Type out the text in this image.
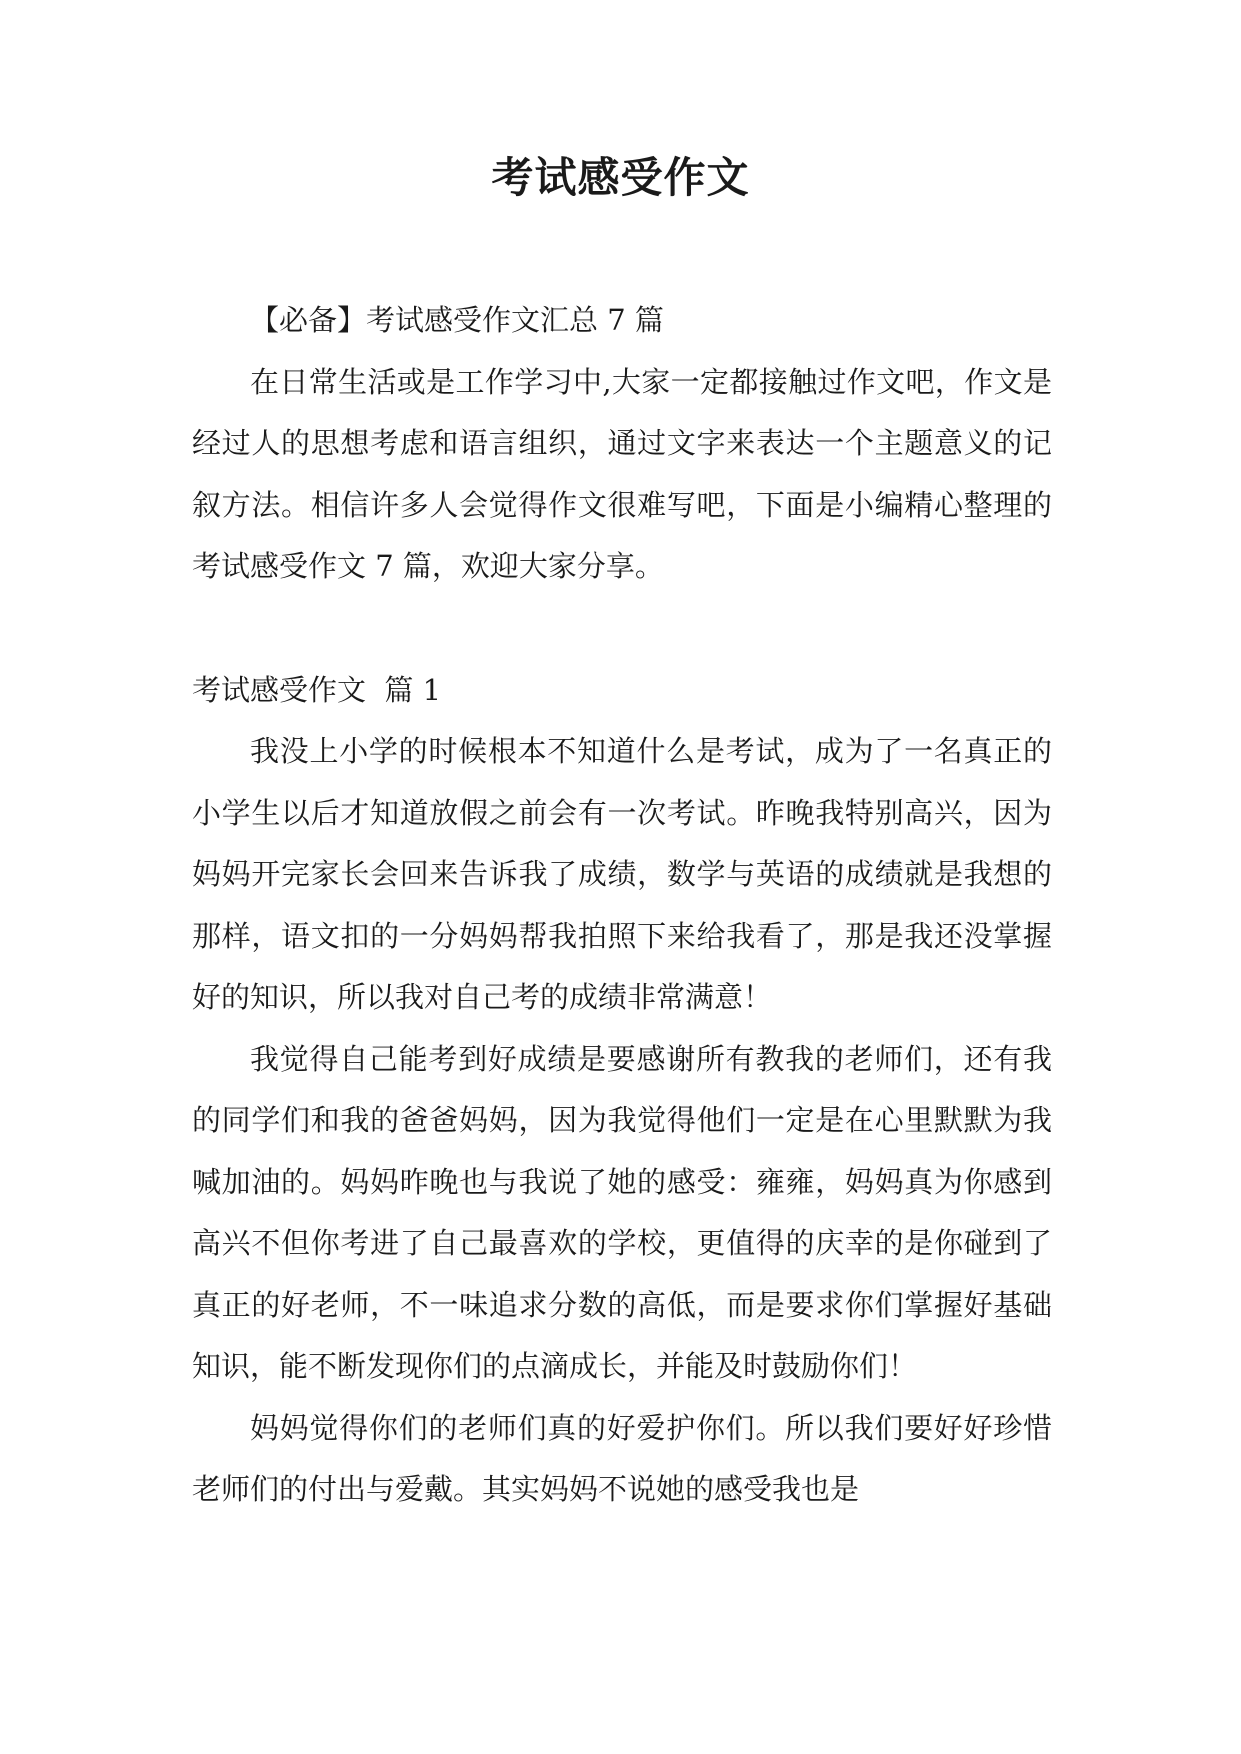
考试感受作文

【必备】考试感受作文汇总 7 篇

在日常生活或是工作学习中,大家一定都接触过作文吧，作文是经过人的思想考虑和语言组织，通过文字来表达一个主题意义的记叙方法。相信许多人会觉得作文很难写吧，下面是小编精心整理的考试感受作文 7 篇，欢迎大家分享。

考试感受作文  篇 1

我没上小学的时候根本不知道什么是考试，成为了一名真正的小学生以后才知道放假之前会有一次考试。昨晚我特别高兴，因为妈妈开完家长会回来告诉我了成绩，数学与英语的成绩就是我想的那样，语文扣的一分妈妈帮我拍照下来给我看了，那是我还没掌握好的知识，所以我对自己考的成绩非常满意！

我觉得自己能考到好成绩是要感谢所有教我的老师们，还有我的同学们和我的爸爸妈妈，因为我觉得他们一定是在心里默默为我喊加油的。妈妈昨晚也与我说了她的感受：雍雍，妈妈真为你感到高兴不但你考进了自己最喜欢的学校，更值得的庆幸的是你碰到了真正的好老师，不一味追求分数的高低，而是要求你们掌握好基础知识，能不断发现你们的点滴成长，并能及时鼓励你们！

妈妈觉得你们的老师们真的好爱护你们。所以我们要好好珍惜老师们的付出与爱戴。其实妈妈不说她的感受我也是
